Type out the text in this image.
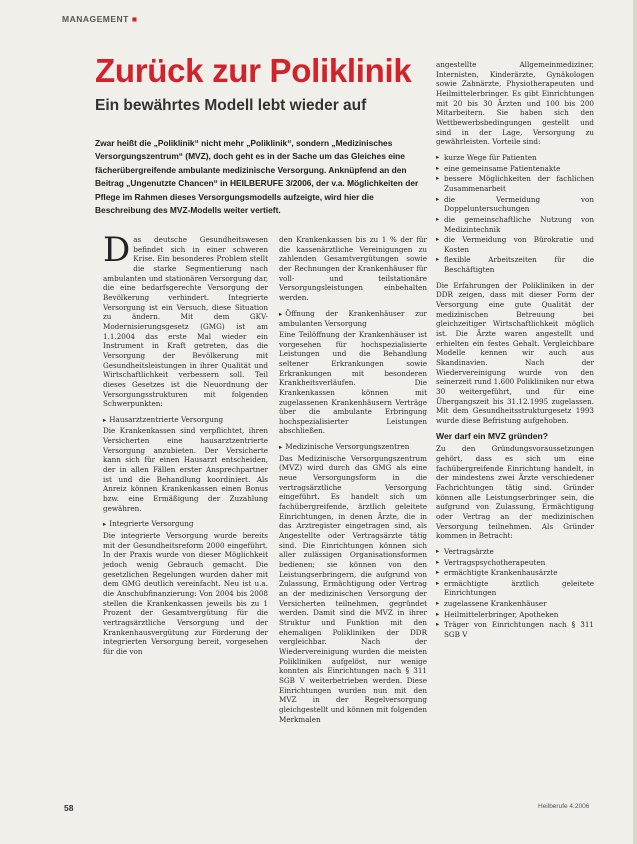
MANAGEMENT ■
Zurück zur Poliklinik
Ein bewährtes Modell lebt wieder auf
Zwar heißt die „Poliklinik“ nicht mehr „Poliklinik“, sondern „Medizinisches Versorgungszentrum“ (MVZ), doch geht es in der Sache um das Gleiches eine fächerübergreifende ambulante medizinische Versorgung. Anknüpfend an den Beitrag „Ungenutzte Chancen“ in HEILBERUFE 3/2006, der v.a. Möglichkeiten der Pflege im Rahmen dieses Versorgungsmodells aufzeigte, wird hier die Beschreibung des MVZ-Modells weiter vertieft.

Das deutsche Gesundheitswesen befindet sich in einer schweren Krise. Ein besonderes Problem stellt die starke Segmentierung nach ambulanten und stationären Versorgung dar, die eine bedarfsgerechte Versorgung der Bevölkerung verhindert. Integrierte Versorgung ist ein Versuch, diese Situation zu ändern. Mit dem GKV-Modernisierungsgesetz (GMG) ist am 1.1.2004 das erste Mal wieder ein Instrument in Kraft getreten, das die Versorgung der Bevölkerung mit Gesundheitsleistungen in ihrer Qualität und Wirtschaftlichkeit verbessern soll. Teil dieses Gesetzes ist die Neuordnung der Versorgungsstrukturen mit folgenden Schwerpunkten:

▸ Hausarztzentrierte Versorgung

Die Krankenkassen sind verpflichtet, ihren Versicherten eine hausarztzentrierte Versorgung anzubieten. Der Versicherte kann sich für einen Hausarzt entscheiden, der in allen Fällen erster Ansprechpartner ist und die Behandlung koordiniert. Als Anreiz können Krankenkassen einen Bonus bzw. eine Ermäßigung der Zuzahlung gewähren.

▸ Integrierte Versorgung

Die integrierte Versorgung wurde bereits mit der Gesundheitsreform 2000 eingeführt. In der Praxis wurde von dieser Möglichkeit jedoch wenig Gebrauch gemacht. Die gesetzlichen Regelungen wurden daher mit dem GMG deutlich vereinfacht. Neu ist u.a. die Anschubfinanzierung: Von 2004 bis 2008 stellen die Krankenkassen jeweils bis zu 1 Prozent der Gesamtvergütung für die vertragsärztliche Versorgung und der Krankenhausvergütung zur Förderung der integrierten Versorgung bereit, vorgesehen für die von

den Krankenkassen bis zu 1 % der für die kassenärztliche Vereinigungen zu zahlenden Gesamtvergütungen sowie der Rechnungen der Krankenhäuser für voll- und teilstationäre Versorgungsleistungen einbehalten werden.

▸ Öffnung der Krankenhäuser zur ambulanten Versorgung

Eine Teilöffnung der Krankenhäuser ist vorgesehen für hochspezialisierte Leistungen und die Behandlung seltener Erkrankungen sowie Erkrankungen mit besonderen Krankheitsverläufen. Die Krankenkassen können mit zugelassenen Krankenhäusern Verträge über die ambulante Erbringung hochspezialisierter Leistungen abschließen.

▸ Medizinische Versorgungszentren

Das Medizinische Versorgungszentrum (MVZ) wird durch das GMG als eine neue Versorgungsform in die vertragsärztliche Versorgung eingeführt. Es handelt sich um fachübergreifende, ärztlich geleitete Einrichtungen, in denen Ärzte, die in das Arztregister eingetragen sind, als Angestellte oder Vertragsärzte tätig sind. Die Einrichtungen können sich aller zulässigen Organisationsformen bedienen; sie können von den Leistungserbringern, die aufgrund von Zulassung, Ermächtigung oder Vertrag an der medizinischen Versorgung der Versicherten teilnehmen, gegründet werden. Damit sind die MVZ in ihrer Struktur und Funktion mit den ehemaligen Polikliniken der DDR vergleichbar. Nach der Wiedervereinigung wurden die meisten Polikliniken aufgelöst, nur wenige konnten als Einrichtungen nach § 311 SGB V weiterbetrieben werden. Diese Einrichtungen wurden nun mit den MVZ in der Regelversorgung gleichgestellt und können mit folgenden Merkmalen

angestellte Allgemeinmediziner, Internisten, Kinderärzte, Gynäkologen sowie Zahnärzte, Physiotherapeuten und Heilmittelerbringer. Es gibt Einrichtungen mit 20 bis 30 Ärzten und 100 bis 200 Mitarbeitern. Sie haben sich den Wettbewerbsbedingungen gestellt und sind in der Lage, Versorgung zu gewährleisten. Vorteile sind:

▸ kurze Wege für Patienten
▸ eine gemeinsame Patientenakte
▸ bessere Möglichkeiten der fachlichen Zusammenarbeit
▸ die Vermeidung von Doppeluntersuchungen
▸ die gemeinschaftliche Nutzung von Medizintechnik
▸ die Vermeidung von Bürokratie und Kosten
▸ flexible Arbeitszeiten für die Beschäftigten

Die Erfahrungen der Polikliniken in der DDR zeigen, dass mit dieser Form der Versorgung eine gute Qualität der medizinischen Betreuung bei gleichzeitiger Wirtschaftlichkeit möglich ist. Die Ärzte waren angestellt und erhielten ein festes Gehalt. Vergleichbare Modelle kennen wir auch aus Skandinavien. Nach der Wiedervereinigung wurde von den seinerzeit rund 1.600 Polikliniken nur etwa 30 weitergeführt, und für eine Übergangszeit bis 31.12.1995 zugelassen. Mit dem Gesundheitsstrukturgesetz 1993 wurde diese Befristung aufgehoben.

Wer darf ein MVZ gründen?

Zu den Gründungsvoraussetzungen gehört, dass es sich um eine fachübergreifende Einrichtung handelt, in der mindestens zwei Ärzte verschiedener Fachrichtungen tätig sind. Gründer können alle Leistungserbringer sein, die aufgrund von Zulassung, Ermächtigung oder Vertrag an der medizinischen Versorgung teilnehmen. Als Gründer kommen in Betracht:

▸ Vertragsärzte
▸ Vertragspsychotherapeuten
▸ ermächtigte Krankenhausärzte
▸ ermächtigte ärztlich geleitete Einrichtungen
▸ zugelassene Krankenhäuser
▸ Heilmittelerbringer, Apotheken
▸ Träger von Einrichtungen nach § 311 SGB V
58	Heilberufe 4.2006
